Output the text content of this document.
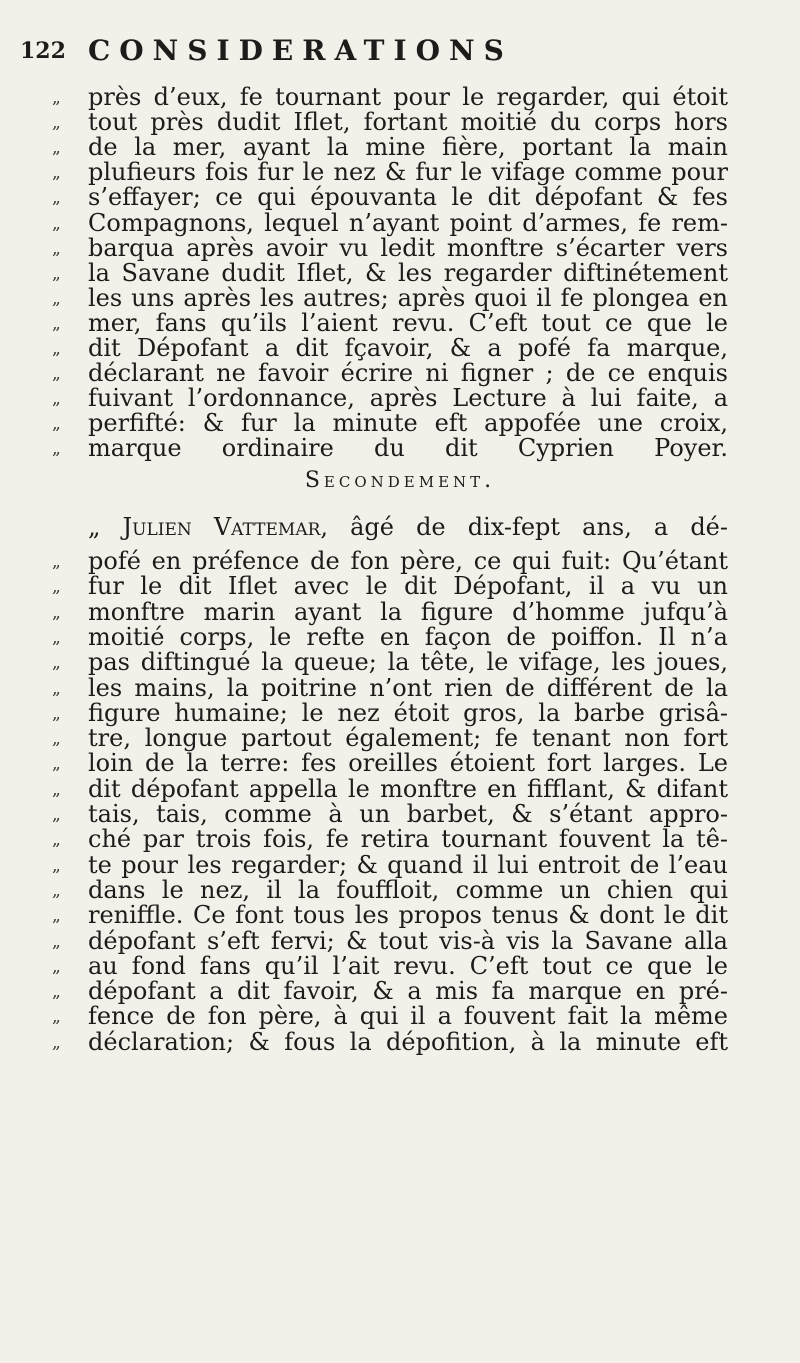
122 CONSIDERATIONS
„	près d’eux, fe tournant pour le regarder, qui étoit
„	tout près dudit Iflet, fortant moitié du corps hors
„	de la mer, ayant la mine fière, portant la main
„	plufieurs fois fur le nez & fur le vifage comme pour
„	s’effayer; ce qui épouvanta le dit dépofant & fes
„	Compagnons, lequel n’ayant point d’armes, fe rem-
„	barqua après avoir vu ledit monftre s’écarter vers
„	la Savane dudit Iflet, & les regarder diftinétement
„	les uns après les autres; après quoi il fe plongea en
„	mer, fans qu’ils l’aient revu. C’eft tout ce que le
„	dit Dépofant a dit fçavoir, & a pofé fa marque,
„	déclarant ne favoir écrire ni figner ; de ce enquis
„	fuivant l’ordonnance, après Lecture à lui faite, a
„	perfifté: & fur la minute eft appofée une croix,
„	marque ordinaire du dit Cyprien Poyer.
Secondement.
„ Julien Vattemar, âgé de dix-fept ans, a dé-
„	pofé en préfence de fon père, ce qui fuit: Qu’étant
„	fur le dit Iflet avec le dit Dépofant, il a vu un
„	monftre marin ayant la figure d’homme jufqu’à
„	moitié corps, le refte en façon de poiffon. Il n’a
„	pas diftingué la queue; la tête, le vifage, les joues,
„	les mains, la poitrine n’ont rien de différent de la
„	figure humaine; le nez étoit gros, la barbe grisâ-
„	tre, longue partout également; fe tenant non fort
„	loin de la terre: fes oreilles étoient fort larges. Le
„	dit dépofant appella le monftre en fifflant, & difant
„	tais, tais, comme à un barbet, & s’étant appro-
„	ché par trois fois, fe retira tournant fouvent la tê-
„	te pour les regarder; & quand il lui entroit de l’eau
„	dans le nez, il la fouffloit, comme un chien qui
„	reniffle. Ce font tous les propos tenus & dont le dit
„	dépofant s’eft fervi; & tout vis-à vis la Savane alla
„	au fond fans qu’il l’ait revu. C’eft tout ce que le
„	dépofant a dit favoir, & a mis fa marque en pré-
„	fence de fon père, à qui il a fouvent fait la même
„	déclaration; & fous la dépofition, à la minute eft
